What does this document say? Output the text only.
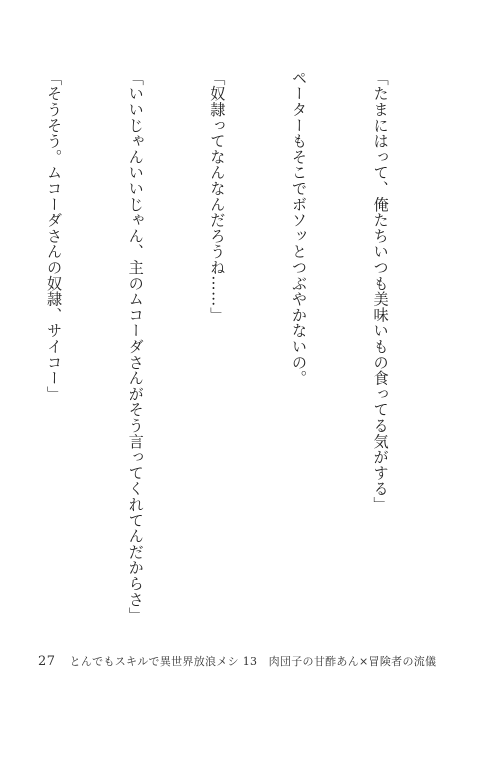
「たまにはって、俺たちいつも美味いもの食ってる気がする」

ペーターもそこでボソッとつぶやかないの。

「奴隷ってなんなんだろうね……」

「いいじゃんいいじゃん、主のムコーダさんがそう言ってくれてんだからさ」

「そうそう。ムコーダさんの奴隷、サイコー」

27 とんでもスキルで異世界放浪メシ 13　肉団子の甘酢あん×冒険者の流儀
